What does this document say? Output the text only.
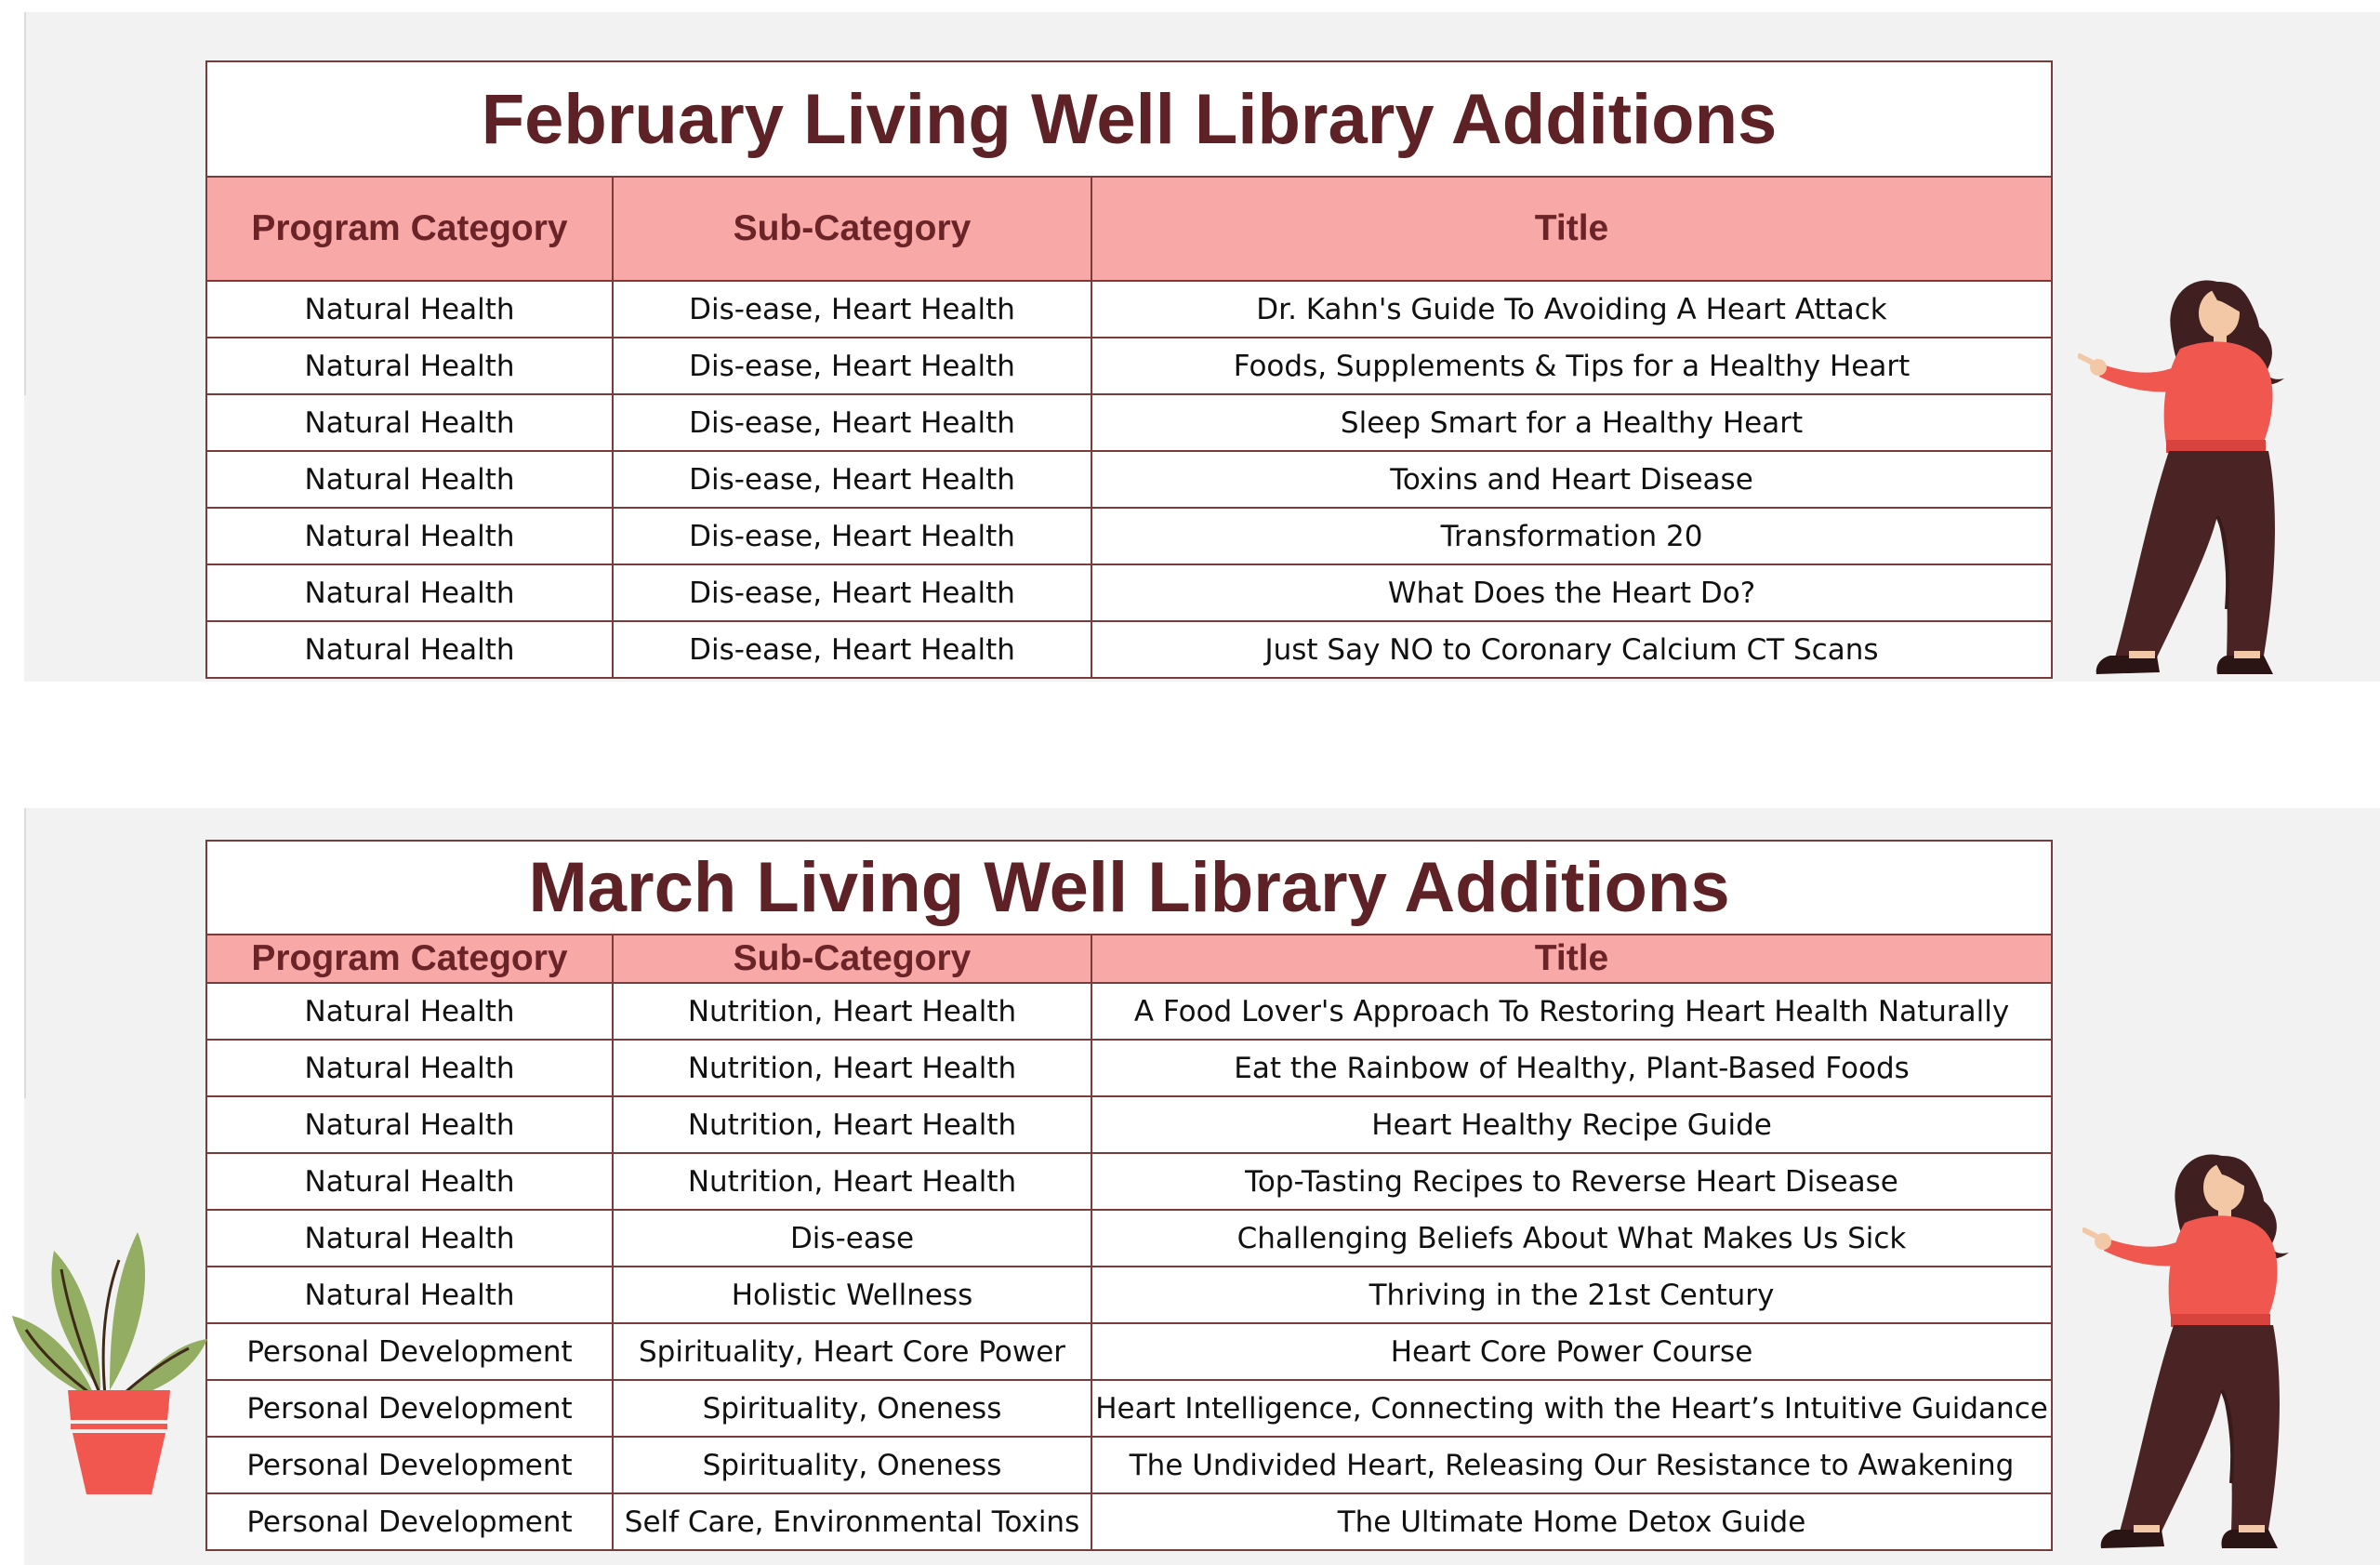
February Living Well Library Additions		
Program Category	Sub-Category	Title
Natural Health	Dis-ease, Heart Health	Dr. Kahn's Guide To Avoiding A Heart Attack
Natural Health	Dis-ease, Heart Health	Foods, Supplements & Tips for a Healthy Heart
Natural Health	Dis-ease, Heart Health	Sleep Smart for a Healthy Heart
Natural Health	Dis-ease, Heart Health	Toxins and Heart Disease
Natural Health	Dis-ease, Heart Health	Transformation 20
Natural Health	Dis-ease, Heart Health	What Does the Heart Do?
Natural Health	Dis-ease, Heart Health	Just Say NO to Coronary Calcium CT Scans
March Living Well Library Additions		
Program Category	Sub-Category	Title
Natural Health	Nutrition, Heart Health	A Food Lover's Approach To Restoring Heart Health Naturally
Natural Health	Nutrition, Heart Health	Eat the Rainbow of Healthy, Plant-Based Foods
Natural Health	Nutrition, Heart Health	Heart Healthy Recipe Guide
Natural Health	Nutrition, Heart Health	Top-Tasting Recipes to Reverse Heart Disease
Natural Health	Dis-ease	Challenging Beliefs About What Makes Us Sick
Natural Health	Holistic Wellness	Thriving in the 21st Century
Personal Development	Spirituality, Heart Core Power	Heart Core Power Course
Personal Development	Spirituality, Oneness	Heart Intelligence, Connecting with the Heart’s Intuitive Guidance
Personal Development	Spirituality, Oneness	The Undivided Heart, Releasing Our Resistance to Awakening
Personal Development	Self Care, Environmental Toxins	The Ultimate Home Detox Guide
